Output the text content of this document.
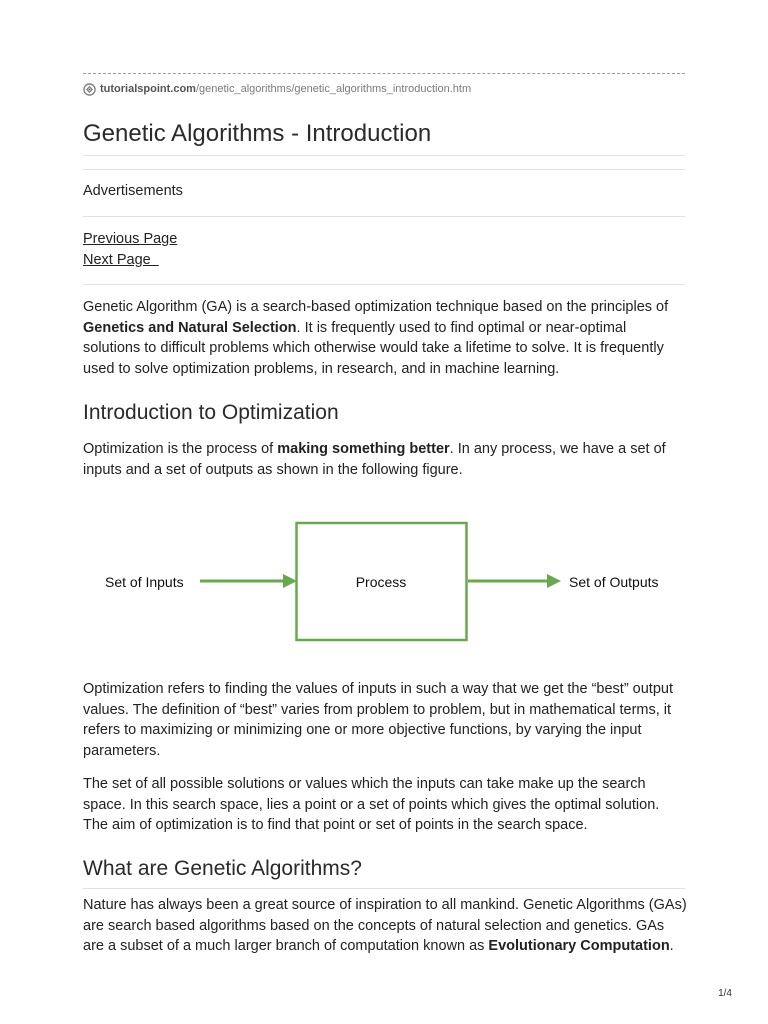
tutorialspoint.com /genetic_algorithms/genetic_algorithms_introduction.htm
Genetic Algorithms - Introduction
Advertisements
Previous Page
Next Page

Genetic Algorithm (GA) is a search-based optimization technique based on the principles of Genetics and Natural Selection. It is frequently used to find optimal or near-optimal solutions to difficult problems which otherwise would take a lifetime to solve. It is frequently used to solve optimization problems, in research, and in machine learning.

Introduction to Optimization

Optimization is the process of making something better. In any process, we have a set of inputs and a set of outputs as shown in the following figure.

Set of Inputs	Process	Set of Outputs

Optimization refers to finding the values of inputs in such a way that we get the “best” output values. The definition of “best” varies from problem to problem, but in mathematical terms, it refers to maximizing or minimizing one or more objective functions, by varying the input parameters.

The set of all possible solutions or values which the inputs can take make up the search space. In this search space, lies a point or a set of points which gives the optimal solution. The aim of optimization is to find that point or set of points in the search space.

What are Genetic Algorithms?

Nature has always been a great source of inspiration to all mankind. Genetic Algorithms (GAs) are search based algorithms based on the concepts of natural selection and genetics. GAs are a subset of a much larger branch of computation known as Evolutionary Computation.

1/4
